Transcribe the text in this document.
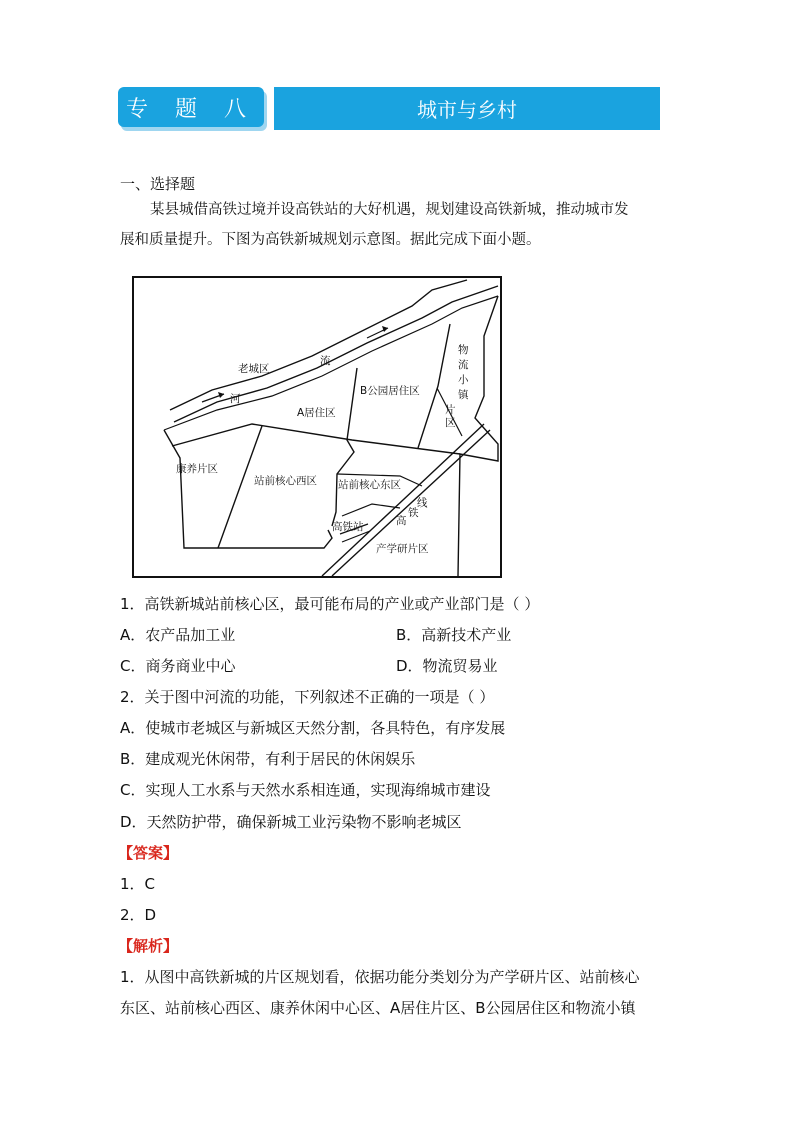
专 题 八	城市与乡村
一、选择题
某县城借高铁过境并设高铁站的大好机遇，规划建设高铁新城，推动城市发
展和质量提升。下图为高铁新城规划示意图。据此完成下面小题。
老城区
流
河
B公园居住区
A居住区
物
流
小
镇
片
区
康养片区
站前核心西区 站前核心东区
高铁站
线
铁
高
产学研片区
1．高铁新城站前核心区，最可能布局的产业或产业部门是（ ）
A．农产品加工业	B．高新技术产业
C．商务商业中心	D．物流贸易业
2．关于图中河流的功能，下列叙述不正确的一项是（ ）
A．使城市老城区与新城区天然分割，各具特色，有序发展
B．建成观光休闲带，有利于居民的休闲娱乐
C．实现人工水系与天然水系相连通，实现海绵城市建设
D．天然防护带，确保新城工业污染物不影响老城区
【答案】
1．C
2．D
【解析】
1．从图中高铁新城的片区规划看，依据功能分类划分为产学研片区、站前核心
东区、站前核心西区、康养休闲中心区、A居住片区、B公园居住区和物流小镇
